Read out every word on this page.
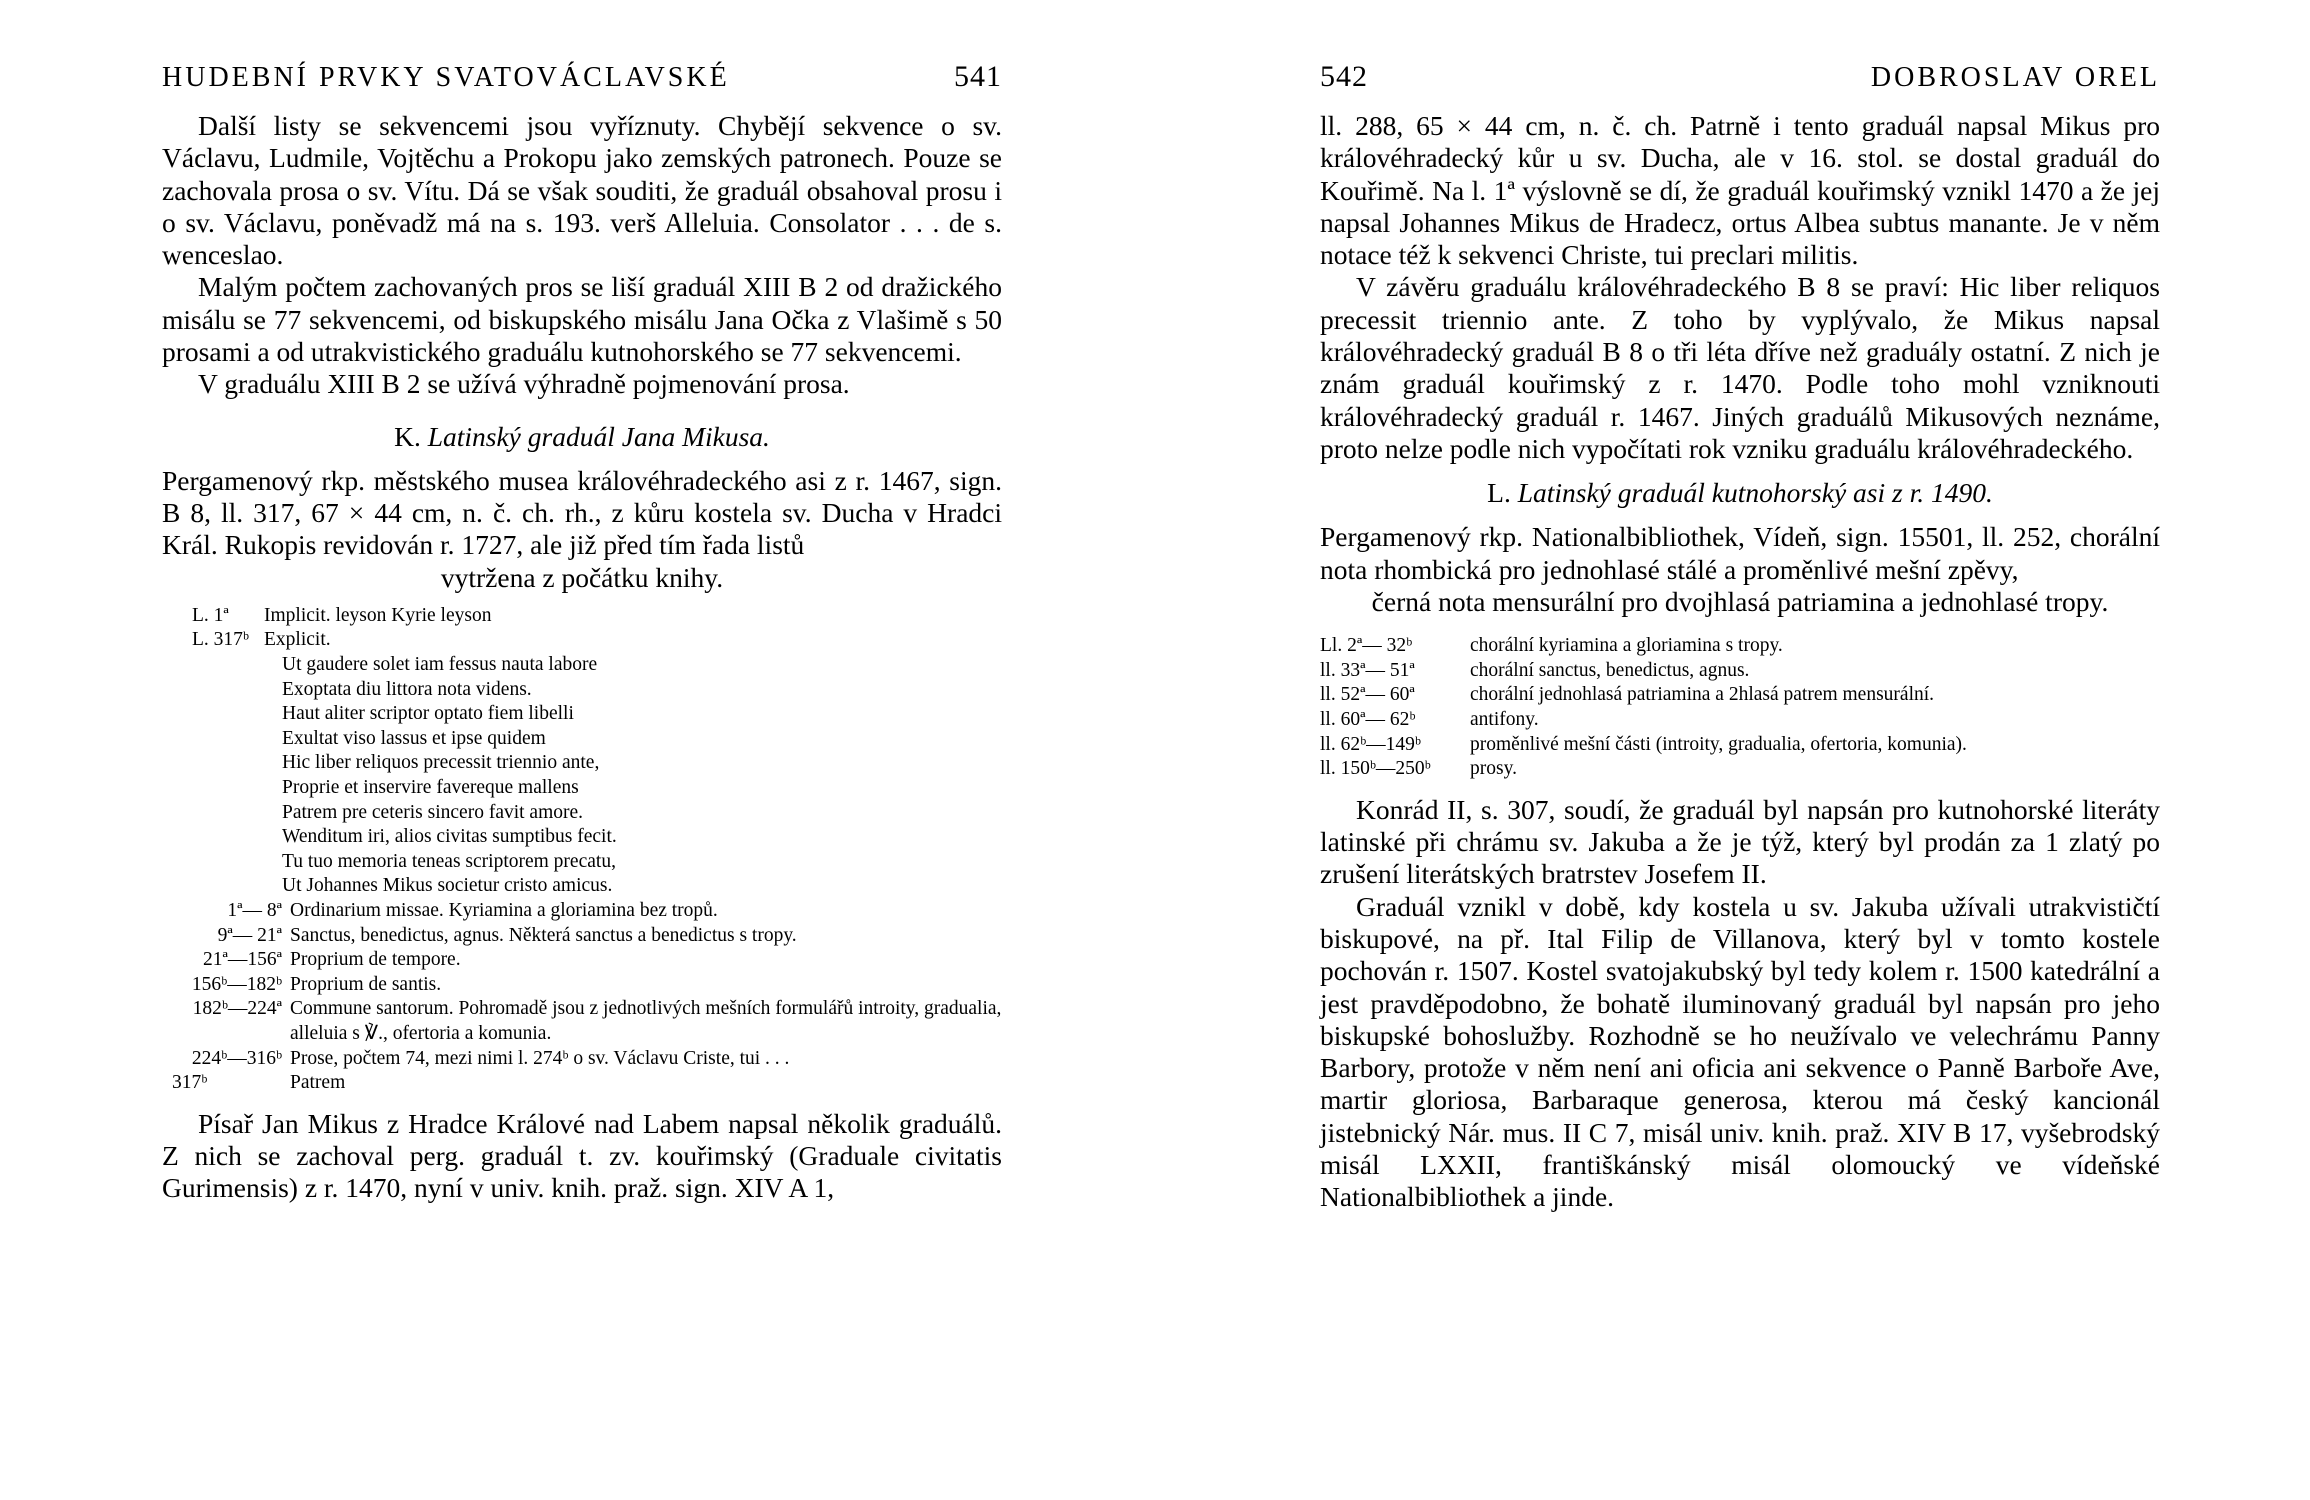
HUDEBNÍ PRVKY SVATOVÁCLAVSKÉ	541

Další listy se sekvencemi jsou vyříznuty. Chybějí sekvence o sv. Václavu, Ludmile, Vojtěchu a Prokopu jako zemských patronech. Pouze se zachovala prosa o sv. Vítu. Dá se však souditi, že graduál obsahoval prosu i o sv. Václavu, poněvadž má na s. 193. verš Alleluia. Consolator . . . de s. wenceslao.

Malým počtem zachovaných pros se liší graduál XIII B 2 od dražického misálu se 77 sekvencemi, od biskupského misálu Jana Očka z Vlašimě s 50 prosami a od utrakvistického graduálu kutnohorského se 77 sekvencemi.

V graduálu XIII B 2 se užívá výhradně pojmenování prosa.

K. Latinský graduál Jana Mikusa.
Pergamenový rkp. městského musea královéhradeckého asi z r. 1467, sign. B 8, ll. 317, 67 × 44 cm, n. č. ch. rh., z kůru kostela sv. Ducha v Hradci Král. Rukopis revidován r. 1727, ale již před tím řada listů
vytržena z počátku knihy.
L. 1ª	Implicit. leyson Kyrie leyson
L. 317ᵇ Explicit.
Ut gaudere solet iam fessus nauta labore
Exoptata diu littora nota videns.
Haut aliter scriptor optato fiem libelli
Exultat viso lassus et ipse quidem
Hic liber reliquos precessit triennio ante,
Proprie et inservire favereque mallens
Patrem pre ceteris sincero favit amore.
Wenditum iri, alios civitas sumptibus fecit.
Tu tuo memoria teneas scriptorem precatu,
Ut Johannes Mikus societur cristo amicus.
1ª— 8ª Ordinarium missae. Kyriamina a gloriamina bez tropů.
9ª— 21ª Sanctus, benedictus, agnus. Některá sanctus a benedictus s tropy.
21ª—156ª Proprium de tempore.
156ᵇ—182ᵇ Proprium de santis.
182ᵇ—224ª Commune santorum. Pohromadě jsou z jednotlivých mešních formulářů introity, gradualia, alleluia s ℣., ofertoria a komunia.
224ᵇ—316ᵇ Prose, počtem 74, mezi nimi l. 274ᵇ o sv. Václavu Criste, tui . . .
317ᵇ	Patrem

Písař Jan Mikus z Hradce Králové nad Labem napsal několik graduálů. Z nich se zachoval perg. graduál t. zv. kouřimský (Graduale civitatis Gurimensis) z r. 1470, nyní v univ. knih. praž. sign. XIV A 1,

542	DOBROSLAV OREL

ll. 288, 65 × 44 cm, n. č. ch. Patrně i tento graduál napsal Mikus pro královéhradecký kůr u sv. Ducha, ale v 16. stol. se dostal graduál do Kouřimě. Na l. 1ª výslovně se dí, že graduál kouřimský vznikl 1470 a že jej napsal Johannes Mikus de Hradecz, ortus Albea subtus manante. Je v něm notace též k sekvenci Christe, tui preclari militis.

V závěru graduálu královéhradeckého B 8 se praví: Hic liber reliquos precessit triennio ante. Z toho by vyplývalo, že Mikus napsal královéhradecký graduál B 8 o tři léta dříve než graduály ostatní. Z nich je znám graduál kouřimský z r. 1470. Podle toho mohl vzniknouti královéhradecký graduál r. 1467. Jiných graduálů Mikusových neznáme, proto nelze podle nich vypočítati rok vzniku graduálu královéhradeckého.

L. Latinský graduál kutnohorský asi z r. 1490.
Pergamenový rkp. Nationalbibliothek, Vídeň, sign. 15501, ll. 252, chorální nota rhombická pro jednohlasé stálé a proměnlivé mešní zpěvy,
černá nota mensurální pro dvojhlasá patriamina a jednohlasé tropy.
Ll. 2ª— 32ᵇ	chorální kyriamina a gloriamina s tropy.
ll. 33ª— 51ª	chorální sanctus, benedictus, agnus.
ll. 52ª— 60ª	chorální jednohlasá patriamina a 2hlasá patrem mensurální.
ll. 60ª— 62ᵇ	antifony.
ll. 62ᵇ—149ᵇ	proměnlivé mešní části (introity, gradualia, ofertoria, komunia).
ll. 150ᵇ—250ᵇ	prosy.

Konrád II, s. 307, soudí, že graduál byl napsán pro kutnohorské literáty latinské při chrámu sv. Jakuba a že je týž, který byl prodán za 1 zlatý po zrušení literátských bratrstev Josefem II.

Graduál vznikl v době, kdy kostela u sv. Jakuba užívali utrakvističtí biskupové, na př. Ital Filip de Villanova, který byl v tomto kostele pochován r. 1507. Kostel svatojakubský byl tedy kolem r. 1500 katedrální a jest pravděpodobno, že bohatě iluminovaný graduál byl napsán pro jeho biskupské bohoslužby. Rozhodně se ho neužívalo ve velechrámu Panny Barbory, protože v něm není ani oficia ani sekvence o Panně Barboře Ave, martir gloriosa, Barbaraque generosa, kterou má český kancionál jistebnický Nár. mus. II C 7, misál univ. knih. praž. XIV B 17, vyšebrodský misál LXXII, františkánský misál olomoucký ve vídeňské Nationalbibliothek a jinde.
